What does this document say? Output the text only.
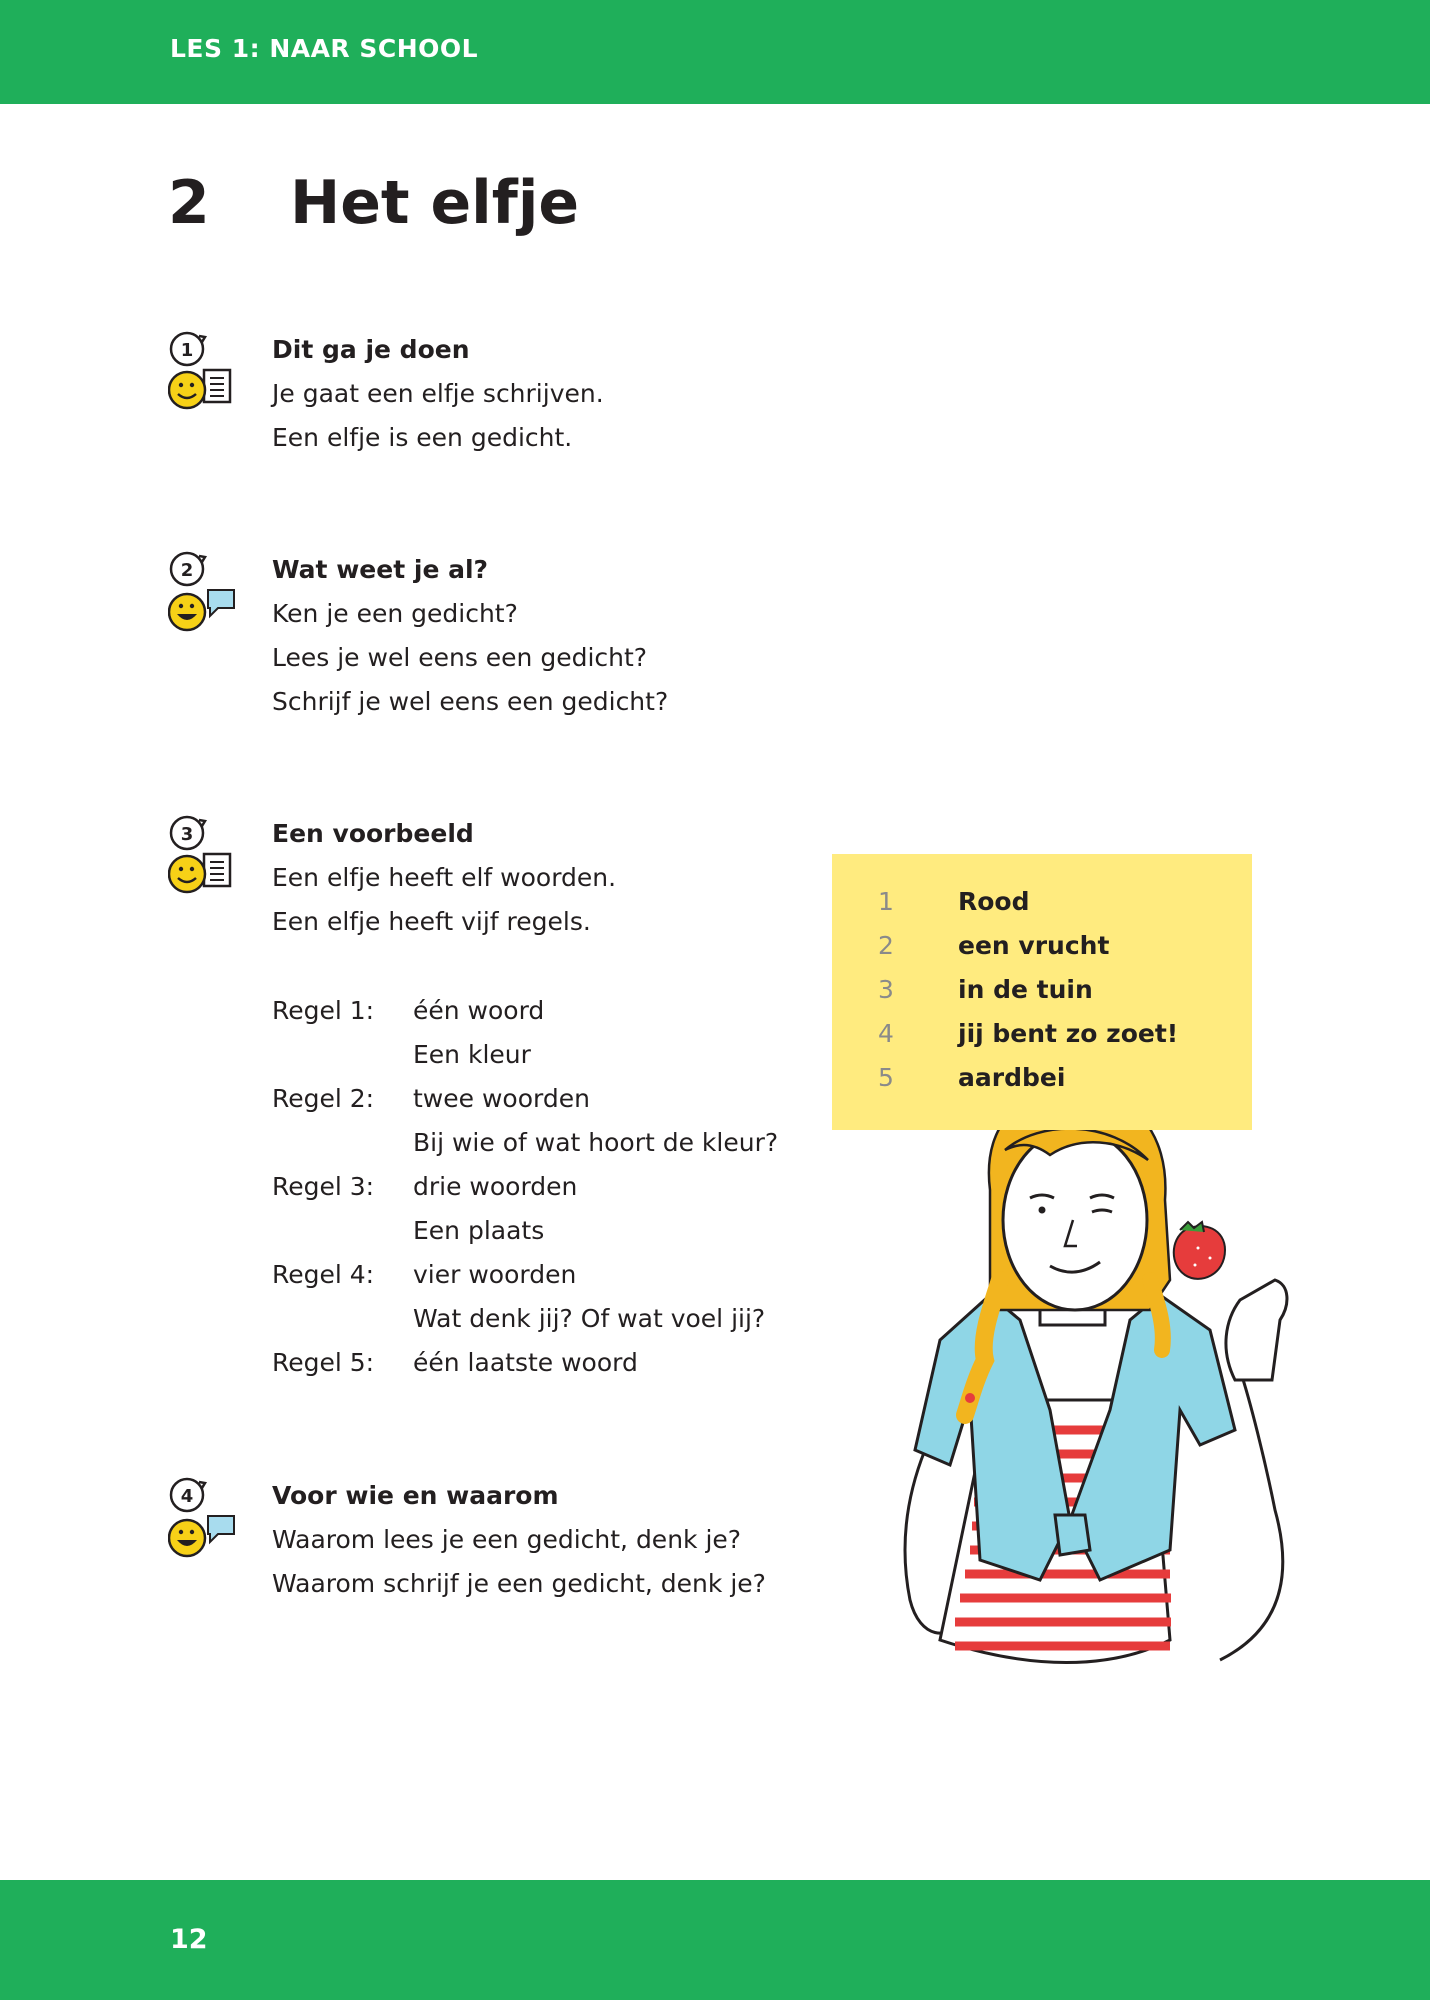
LES 1: NAAR SCHOOL
2 Het elfje
1
2
3
4
Dit ga je doen
Je gaat een elfje schrijven.
Een elfje is een gedicht.
Wat weet je al?
Ken je een gedicht?
Lees je wel eens een gedicht?
Schrijf je wel eens een gedicht?
Een voorbeeld
Een elfje heeft elf woorden.
Een elfje heeft vijf regels.
Regel 1: één woord
Een kleur
Regel 2: twee woorden
Bij wie of wat hoort de kleur?
Regel 3: drie woorden
Een plaats
Regel 4: vier woorden
Wat denk jij? Of wat voel jij?
Regel 5: één laatste woord
Voor wie en waarom
Waarom lees je een gedicht, denk je?
Waarom schrijf je een gedicht, denk je?
1	Rood
2	een vrucht
3	in de tuin
4	jij bent zo zoet!
5	aardbei
12
